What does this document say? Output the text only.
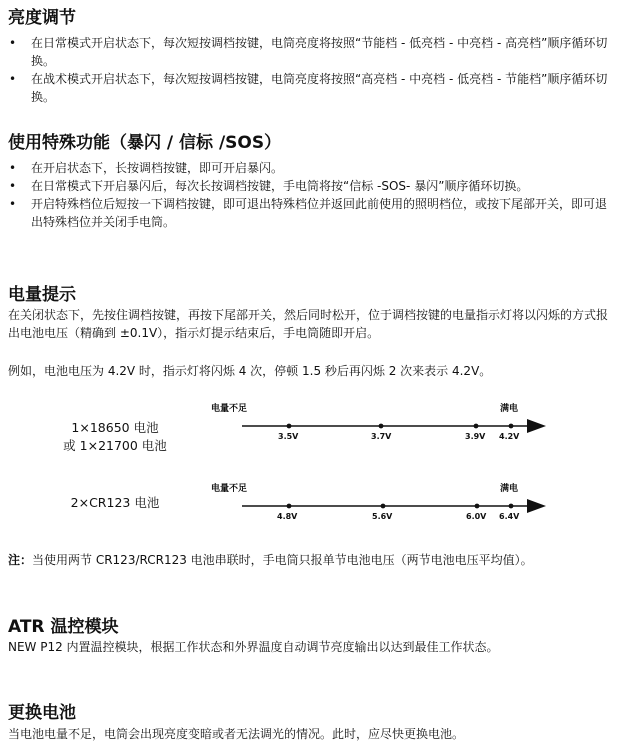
亮度调节
• 在日常模式开启状态下，每次短按调档按键，电筒亮度将按照“节能档 - 低亮档 - 中亮档 - 高亮档”顺序循环切换。
• 在战术模式开启状态下，每次短按调档按键，电筒亮度将按照“高亮档 - 中亮档 - 低亮档 - 节能档”顺序循环切换。
使用特殊功能（暴闪 / 信标 /SOS）
• 在开启状态下，长按调档按键，即可开启暴闪。
• 在日常模式下开启暴闪后，每次长按调档按键，手电筒将按“信标 -SOS- 暴闪”顺序循环切换。
• 开启特殊档位后短按一下调档按键，即可退出特殊档位并返回此前使用的照明档位，或按下尾部开关，即可退出特殊档位并关闭手电筒。
电量提示

在关闭状态下，先按住调档按键，再按下尾部开关，然后同时松开，位于调档按键的电量指示灯将以闪烁的方式报出电池电压（精确到 ±0.1V），指示灯提示结束后，手电筒随即开启。

例如，电池电压为 4.2V 时，指示灯将闪烁 4 次，停顿 1.5 秒后再闪烁 2 次来表示 4.2V。

1×18650 电池
或 1×21700 电池
电量不足	满电
3.5V	3.7V	3.9V 4.2V
电量不足	满电
4.8V	5.6V	6.0V 6.4V
2×CR123 电池

注：当使用两节 CR123/RCR123 电池串联时，手电筒只报单节电池电压（两节电池电压平均值）。

ATR 温控模块

NEW P12 内置温控模块，根据工作状态和外界温度自动调节亮度输出以达到最佳工作状态。

更换电池

当电池电量不足，电筒会出现亮度变暗或者无法调光的情况。此时，应尽快更换电池。
